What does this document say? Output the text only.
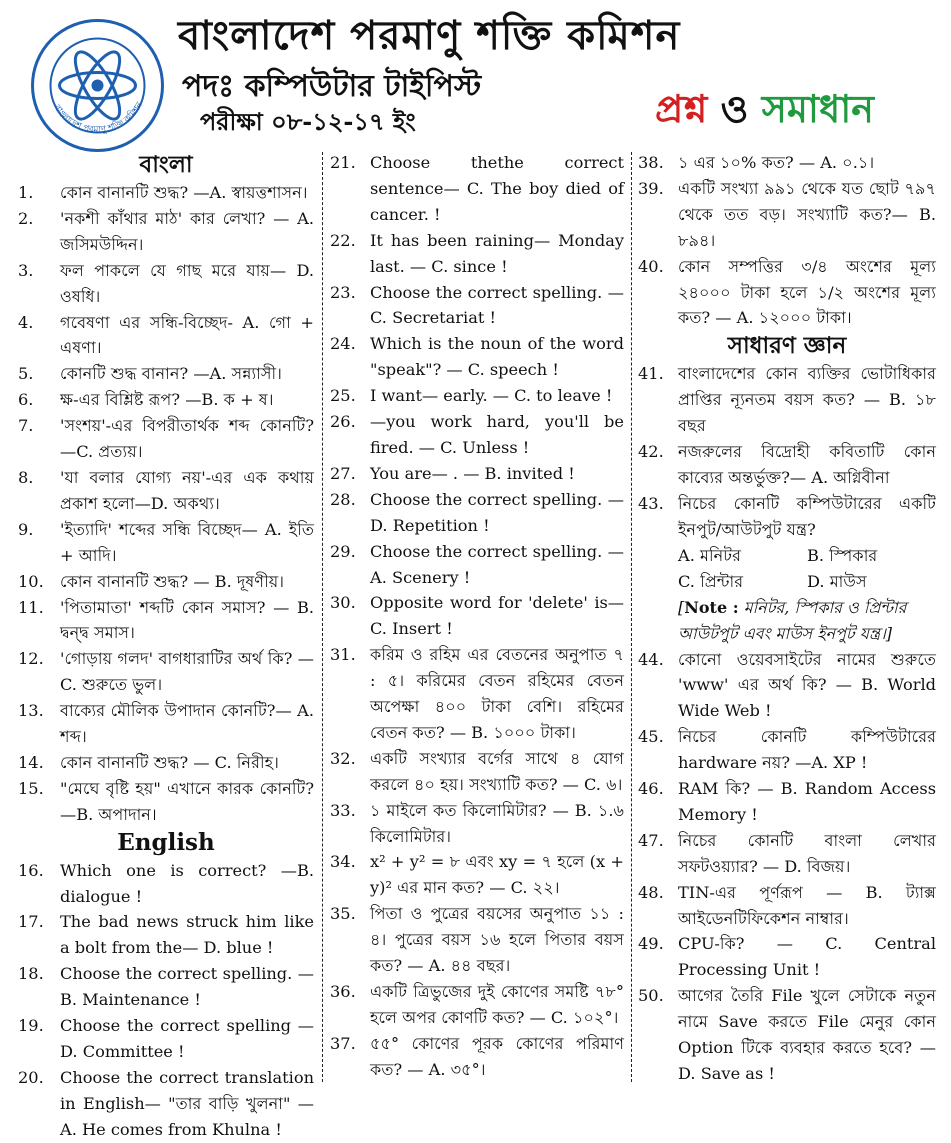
বাংলাদেশ পরমাণু শক্তি কমিশন
বাংলাদেশ পরমাণু শক্তি কমিশন
পদঃ কম্পিউটার টাইপিস্ট
পরীক্ষা ০৮-১২-১৭ ইং	প্রশ্ন ও সমাধান
বাংলা
1.	কোন বানানটি শুদ্ধ? —A. স্বায়ত্তশাসন।
2.	'নকশী কাঁথার মাঠ' কার লেখা? — A. জসিমউদ্দিন।
3.	ফল পাকলে যে গাছ মরে যায়— D. ওষধি।
4.	গবেষণা এর সন্ধি-বিচ্ছেদ- A. গো + এষণা।
5.	কোনটি শুদ্ধ বানান? —A. সন্ন্যাসী।
6.	ক্ষ-এর বিশ্লিষ্ট রূপ? —B. ক + ষ।
7.	'সংশয়'-এর বিপরীতার্থক শব্দ কোনটি? —C. প্রত্যয়।
8.	'যা বলার যোগ্য নয়'-এর এক কথায় প্রকাশ হলো—D. অকথ্য।
9.	'ইত্যাদি' শব্দের সন্ধি বিচ্ছেদ— A. ইতি + আদি।
10.	কোন বানানটি শুদ্ধ? — B. দূষণীয়।
11.	'পিতামাতা' শব্দটি কোন সমাস? — B. দ্বন্দ্ব সমাস।
12.	'গোড়ায় গলদ' বাগধারাটির অর্থ কি? — C. শুরুতে ভুল।
13.	বাক্যের মৌলিক উপাদান কোনটি?— A. শব্দ।
14.	কোন বানানটি শুদ্ধ? — C. নিরীহ।
15.	"মেঘে বৃষ্টি হয়" এখানে কারক কোনটি? —B. অপাদান।
English
16.	Which one is correct? —B. dialogue !
17.	The bad news struck him like a bolt from the— D. blue !
18.	Choose the correct spelling. — B. Maintenance !
19.	Choose the correct spelling — D. Committee !
20.	Choose the correct translation in English— "তার বাড়ি খুলনা" — A. He comes from Khulna !
21. Choose thethe correct sentence— C. The boy died of cancer. !
22. It has been raining— Monday last. — C. since !
23. Choose the correct spelling. — C. Secretariat !
24. Which is the noun of the word "speak"? — C. speech !
25. I want— early. — C. to leave !
26. —you work hard, you'll be fired. — C. Unless !
27. You are— . — B. invited !
28. Choose the correct spelling. — D. Repetition !
29. Choose the correct spelling. — A. Scenery !
30. Opposite word for 'delete' is— C. Insert !
31. করিম ও রহিম এর বেতনের অনুপাত ৭ : ৫। করিমের বেতন রহিমের বেতন অপেক্ষা ৪০০ টাকা বেশি। রহিমের বেতন কত? — B. ১০০০ টাকা।
32. একটি সংখ্যার বর্গের সাথে ৪ যোগ করলে ৪০ হয়। সংখ্যাটি কত? — C. ৬।
33. ১ মাইলে কত কিলোমিটার? — B. ১.৬ কিলোমিটার।
34. x² + y² = ৮ এবং xy = ৭ হলে (x + y)² এর মান কত? — C. ২২।
35. পিতা ও পুত্রের বয়সের অনুপাত ১১ : ৪। পুত্রের বয়স ১৬ হলে পিতার বয়স কত? — A. ৪৪ বছর।
36. একটি ত্রিভুজের দুই কোণের সমষ্টি ৭৮° হলে অপর কোণটি কত? — C. ১০২°।
37. ৫৫° কোণের পূরক কোণের পরিমাণ কত? — A. ৩৫°।
38. ১ এর ১০% কত? — A. ০.১।
39. একটি সংখ্যা ৯৯১ থেকে যত ছোট ৭৯৭ থেকে তত বড়। সংখ্যাটি কত?— B. ৮৯৪।
40. কোন সম্পত্তির ৩/৪ অংশের মূল্য ২৪০০০ টাকা হলে ১/২ অংশের মূল্য কত? — A. ১২০০০ টাকা।
সাধারণ জ্ঞান
41. বাংলাদেশের কোন ব্যক্তির ভোটাধিকার প্রাপ্তির ন্যূনতম বয়স কত? — B. ১৮ বছর
42. নজরুলের বিদ্রোহী কবিতাটি কোন কাব্যের অন্তর্ভুক্ত?— A. অগ্নিবীনা
43. নিচের কোনটি কম্পিউটারের একটি ইনপুট/আউটপুট যন্ত্র?
A. মনিটর	B. স্পিকার
C. প্রিন্টার	D. মাউস
[Note : মনিটর, স্পিকার ও প্রিন্টার আউটপুট এবং মাউস ইনপুট যন্ত্র।]
44. কোনো ওয়েবসাইটের নামের শুরুতে 'www' এর অর্থ কি? — B. World Wide Web !
45. নিচের কোনটি কম্পিউটারের hardware নয়? —A. XP !
46. RAM কি? — B. Random Access Memory !
47. নিচের কোনটি বাংলা লেখার সফটওয়্যার? — D. বিজয়।
48. TIN-এর পূর্ণরূপ — B. ট্যাক্স আইডেনটিফিকেশন নাম্বার।
49. CPU-কি? — C. Central Processing Unit !
50. আগের তৈরি File খুলে সেটাকে নতুন নামে Save করতে File মেনুর কোন Option টিকে ব্যবহার করতে হবে? — D. Save as !
